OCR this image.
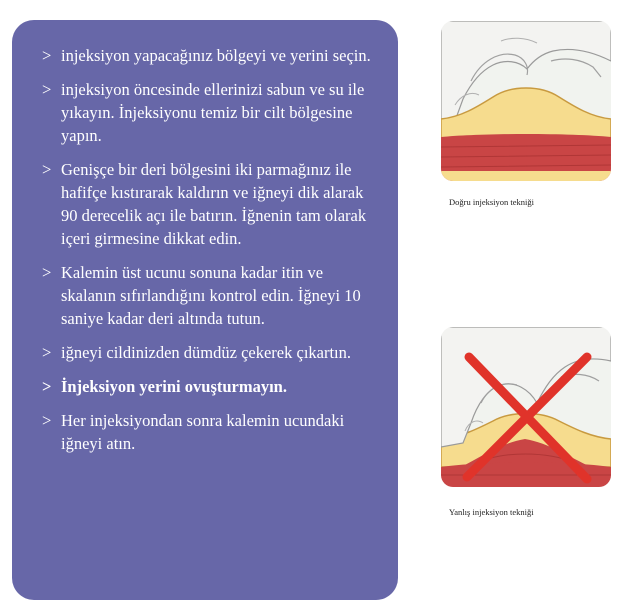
> injeksiyon yapacağınız bölgeyi ve yerini seçin.
> injeksiyon öncesinde ellerinizi sabun ve su ile yıkayın. İnjeksiyonu temiz bir cilt bölgesine yapın.
> Genişçe bir deri bölgesini iki parmağınız ile hafifçe kıstırarak kaldırın ve iğneyi dik alarak 90 derecelik açı ile batırın. İğnenin tam olarak içeri girmesine dikkat edin.
> Kalemin üst ucunu sonuna kadar itin ve skalanın sıfırlandığını kontrol edin. İğneyi 10 saniye kadar deri altında tutun.
> iğneyi cildinizden dümdüz çekerek çıkartın.
> İnjeksiyon yerini ovuşturmayın.
> Her injeksiyondan sonra kalemin ucundaki iğneyi atın.
Doğru injeksiyon tekniği
Yanlış injeksiyon tekniği
